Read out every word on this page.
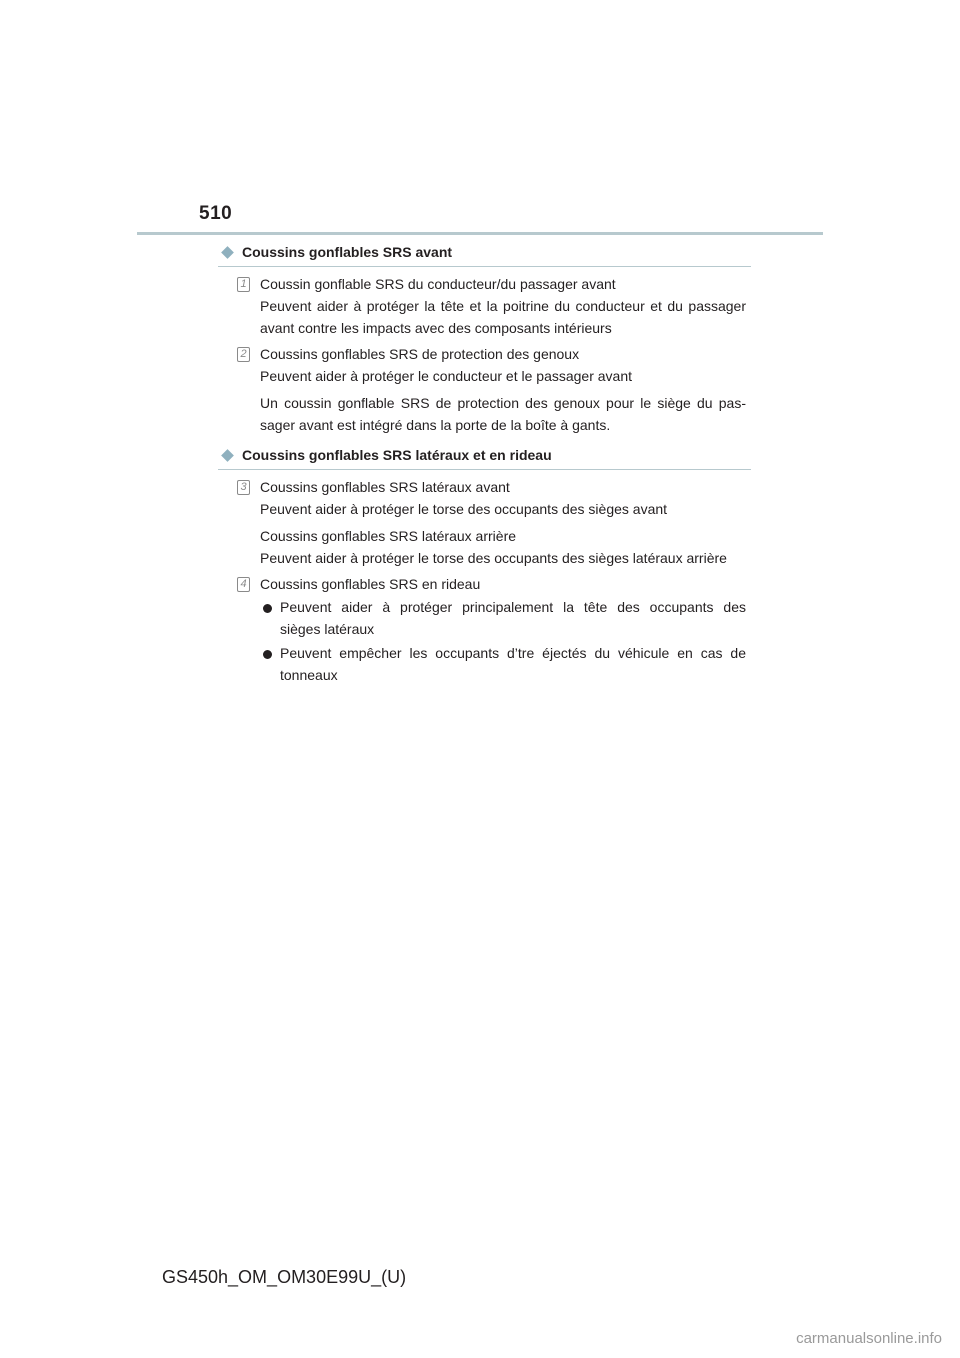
510
Coussins gonflables SRS avant
1 Coussin gonflable SRS du conducteur/du passager avant
Peuvent aider à protéger la tête et la poitrine du conducteur et du passager
avant contre les impacts avec des composants intérieurs
2 Coussins gonflables SRS de protection des genoux
Peuvent aider à protéger le conducteur et le passager avant
Un coussin gonflable SRS de protection des genoux pour le siège du pas-
sager avant est intégré dans la porte de la boîte à gants.
Coussins gonflables SRS latéraux et en rideau
3 Coussins gonflables SRS latéraux avant
Peuvent aider à protéger le torse des occupants des sièges avant
Coussins gonflables SRS latéraux arrière
Peuvent aider à protéger le torse des occupants des sièges latéraux arrière
4 Coussins gonflables SRS en rideau
Peuvent aider à protéger principalement la tête des occupants des
sièges latéraux
Peuvent empêcher les occupants d’tre éjectés du véhicule en cas de
tonneaux
GS450h_OM_OM30E99U_(U)
carmanualsonline.info
